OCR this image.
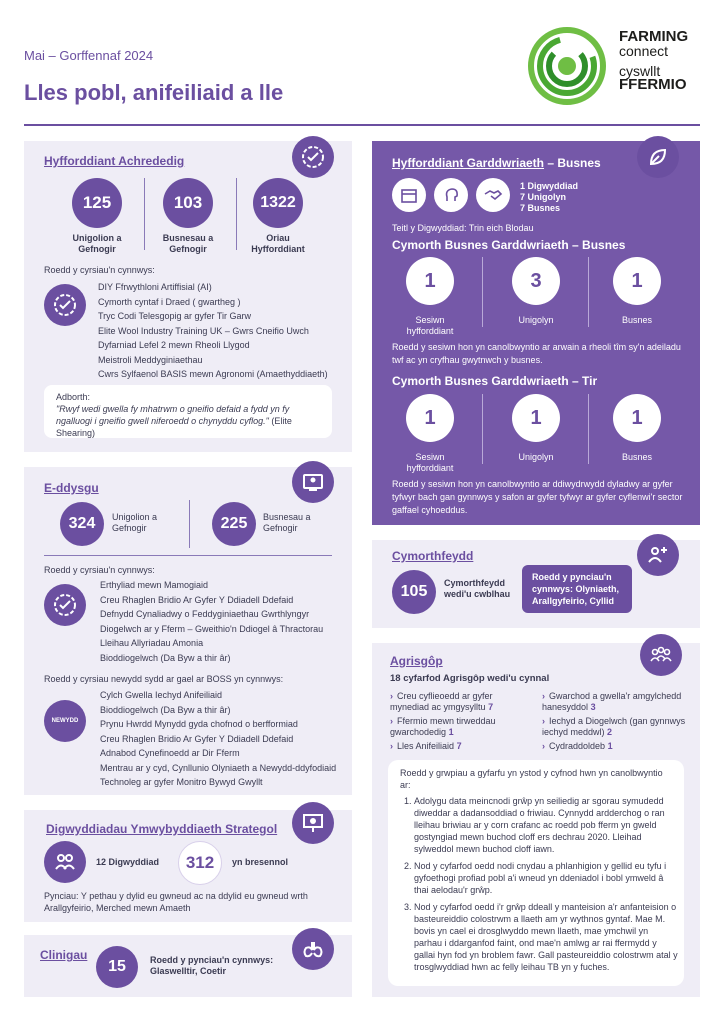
Mai – Gorffennaf 2024
Lles pobl, anifeiliaid a lle
FARMING
connect
cyswllt
FFERMIO
Hyfforddiant Achrededig
125
Unigolion a
Gefnogir
103
Busnesau a
Gefnogir
1322
Oriau
Hyfforddiant
Roedd y cyrsiau'n cynnwys:
DIY Ffrwythloni Artiffisial (AI)
Cymorth cyntaf i Draed ( gwartheg )
Tryc Codi Telesgopig ar gyfer Tir Garw
Elite Wool Industry Training UK – Gwrs Cneifio Uwch
Dyfarniad Lefel 2 mewn Rheoli Llygod
Meistroli Meddyginiaethau
Cwrs Sylfaenol BASIS mewn Agronomi (Amaethyddiaeth)
Adborth:
"Rwyf wedi gwella fy mhatrwm o gneifio defaid a fydd yn fy ngalluogi i gneifio gwell niferoedd o chynyddu cyflog." (Elite Shearing)
E-ddysgu
324	Unigolion a
Gefnogir	225	Busnesau a
Gefnogir
Roedd y cyrsiau'n cynnwys:
Erthyliad mewn Mamogiaid
Creu Rhaglen Bridio Ar Gyfer Y Ddiadell Ddefaid
Defnydd Cynaliadwy o Feddyginiaethau Gwrthlyngyr
Diogelwch ar y Fferm – Gweithio'n Ddiogel â Thractorau
Lleihau Allyriadau Amonia
Bioddiogelwch (Da Byw a thir âr)
Roedd y cyrsiau newydd sydd ar gael ar BOSS yn cynnwys:
NEWYDD
Cylch Gwella Iechyd Anifeiliaid
Bioddiogelwch (Da Byw a thir âr)
Prynu Hwrdd Mynydd gyda chofnod o berfformiad
Creu Rhaglen Bridio Ar Gyfer Y Ddiadell Ddefaid
Adnabod Cynefinoedd ar Dir Fferm
Mentrau ar y cyd, Cynllunio Olyniaeth a Newydd-ddyfodiaid
Technoleg ar gyfer Monitro Bywyd Gwyllt
Digwyddiadau Ymwybyddiaeth Strategol
12 Digwyddiad	312	yn bresennol
Pynciau: Y pethau y dylid eu gwneud ac na ddylid eu gwneud wrth Arallgyfeirio, Merched mewn Amaeth
Clinigau
15	Roedd y pynciau'n cynnwys:
Glaswelltir, Coetir
Hyfforddiant Garddwriaeth – Busnes
1 Digwyddiad
7 Unigolyn
7 Busnes
Teitl y Digwyddiad: Trin eich Blodau
Cymorth Busnes Garddwriaeth – Busnes
1
Sesiwn
hyfforddiant
3
Unigolyn
1
Busnes
Roedd y sesiwn hon yn canolbwyntio ar arwain a rheoli tîm sy'n adeiladu twf ac yn cryfhau gwytnwch y busnes.
Cymorth Busnes Garddwriaeth – Tir
1
Sesiwn
hyfforddiant
1
Unigolyn
1
Busnes
Roedd y sesiwn hon yn canolbwyntio ar ddiwydrwydd dyladwy ar gyfer tyfwyr bach gan gynnwys y safon ar gyfer tyfwyr ar gyfer cyflenwi'r sector gaffael cyhoeddus.
Cymorthfeydd
105	Cymorthfeydd
wedi'u cwblhau
Roedd y pynciau'n cynnwys: Olyniaeth, Arallgyfeirio, Cyllid
Agrisgôp
18 cyfarfod Agrisgôp wedi'u cynnal
› Creu cyflieoedd ar gyfer mynediad ac ymgysylltu 7
› Ffermio mewn tirweddau gwarchodedig 1
› Lles Anifeiliaid 7
› Gwarchod a gwella'r amgylchedd hanesyddol 3
› Iechyd a Diogelwch (gan gynnwys iechyd meddwl) 2
› Cydraddoldeb 1
Roedd y grwpiau a gyfarfu yn ystod y cyfnod hwn yn canolbwyntio ar:
1. Adolygu data meincnodi grŵp yn seiliedig ar sgorau symudedd diweddar a dadansoddiad o friwiau. Cynnydd ardderchog o ran lleihau briwiau ar y corn crafanc ac roedd pob fferm yn gweld gostyngiad mewn buchod cloff ers dechrau 2020. Lleihad sylweddol mewn buchod cloff iawn.
2. Nod y cyfarfod oedd nodi cnydau a phlanhigion y gellid eu tyfu i gyfoethogi profiad pobl a'i wneud yn ddeniadol i bobl ymweld â thai aelodau'r grŵp.
3. Nod y cyfarfod oedd i'r grŵp ddeall y manteision a'r anfanteision o basteureiddio colostrwm a llaeth am yr wythnos gyntaf. Mae M. bovis yn cael ei drosglwyddo mewn llaeth, mae ymchwil yn parhau i ddarganfod faint, ond mae'n amlwg ar rai ffermydd y gallai hyn fod yn broblem fawr. Gall pasteureiddio colostrwm atal y trosglwyddiad hwn ac felly leihau TB yn y fuches.
